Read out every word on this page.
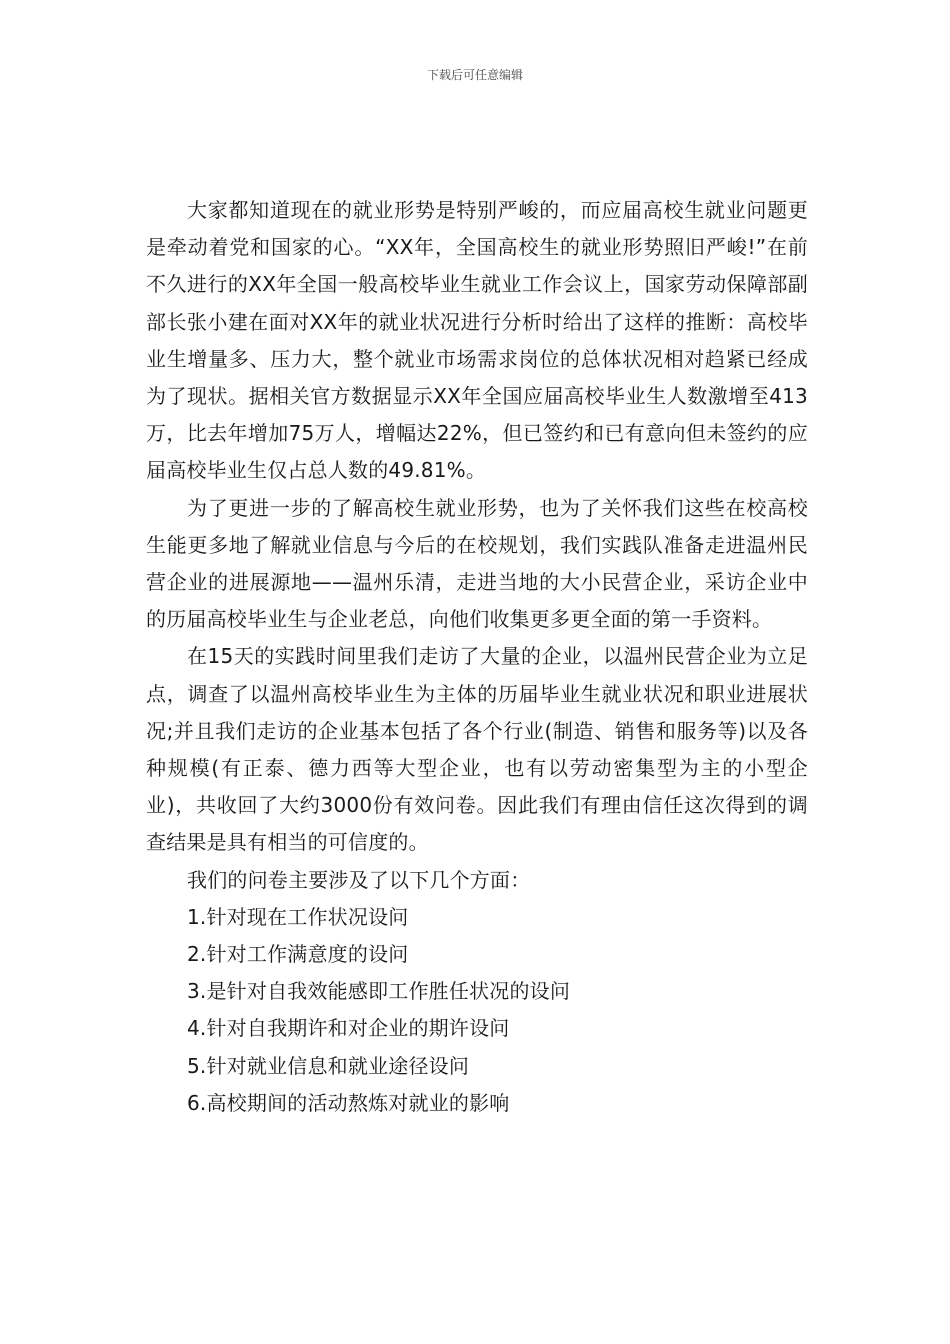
下载后可任意编辑

大家都知道现在的就业形势是特别严峻的，而应届高校生就业问题更是牵动着党和国家的心。“XX年，全国高校生的就业形势照旧严峻!”在前不久进行的XX年全国一般高校毕业生就业工作会议上，国家劳动保障部副部长张小建在面对XX年的就业状况进行分析时给出了这样的推断：高校毕业生增量多、压力大，整个就业市场需求岗位的总体状况相对趋紧已经成为了现状。据相关官方数据显示XX年全国应届高校毕业生人数激增至413万，比去年增加75万人，增幅达22%，但已签约和已有意向但未签约的应届高校毕业生仅占总人数的49.81%。

为了更进一步的了解高校生就业形势，也为了关怀我们这些在校高校生能更多地了解就业信息与今后的在校规划，我们实践队准备走进温州民营企业的进展源地——温州乐清，走进当地的大小民营企业，采访企业中的历届高校毕业生与企业老总，向他们收集更多更全面的第一手资料。

在15天的实践时间里我们走访了大量的企业，以温州民营企业为立足点，调查了以温州高校毕业生为主体的历届毕业生就业状况和职业进展状况;并且我们走访的企业基本包括了各个行业(制造、销售和服务等)以及各种规模(有正泰、德力西等大型企业，也有以劳动密集型为主的小型企业)，共收回了大约3000份有效问卷。因此我们有理由信任这次得到的调查结果是具有相当的可信度的。

我们的问卷主要涉及了以下几个方面：

1.针对现在工作状况设问

2.针对工作满意度的设问

3.是针对自我效能感即工作胜任状况的设问

4.针对自我期许和对企业的期许设问

5.针对就业信息和就业途径设问

6.高校期间的活动熬炼对就业的影响
